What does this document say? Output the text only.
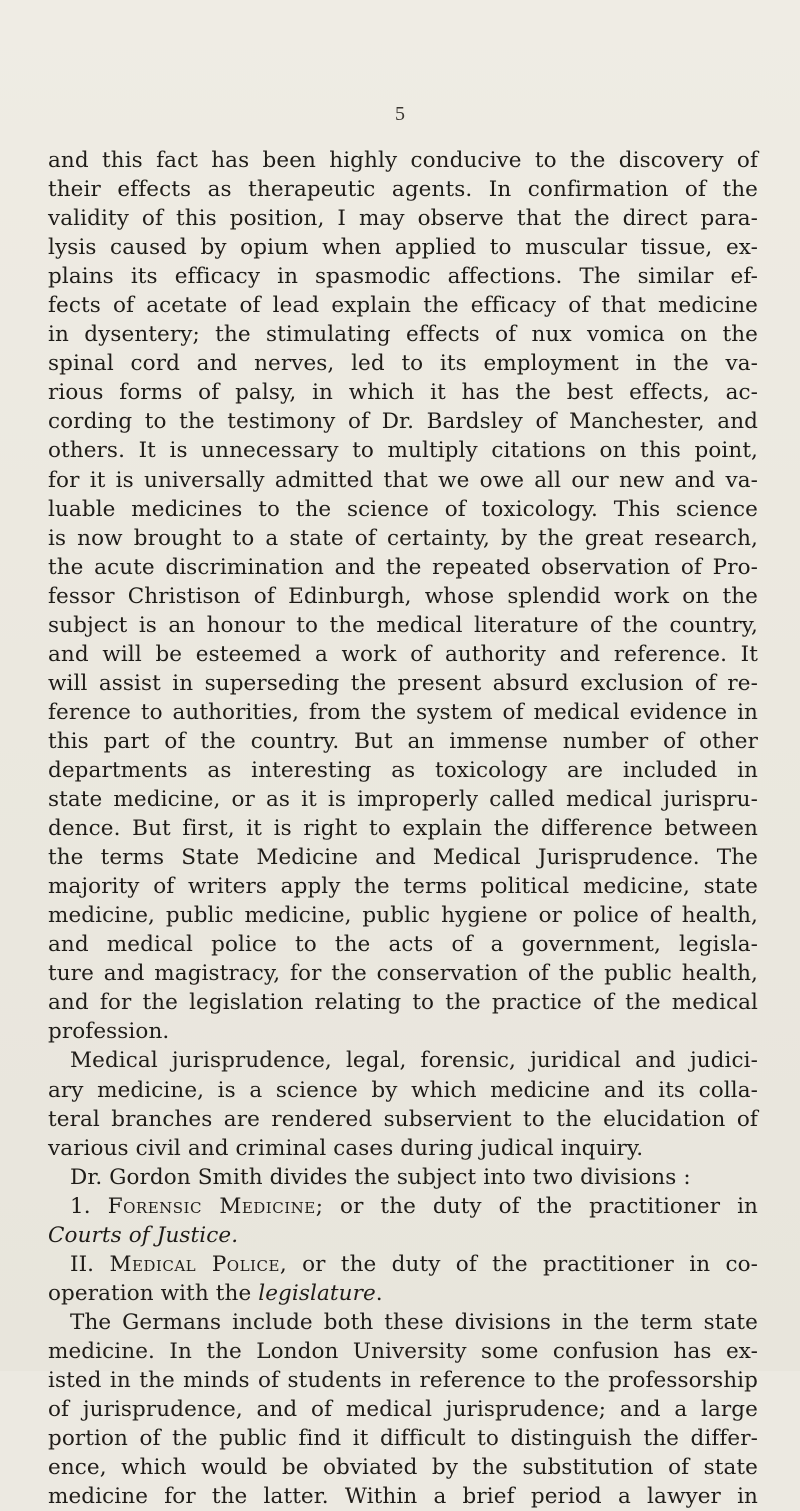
5
and this fact has been highly conducive to the discovery of
their effects as therapeutic agents. In confirmation of the
validity of this position, I may observe that the direct para-
lysis caused by opium when applied to muscular tissue, ex-
plains its efficacy in spasmodic affections. The similar ef-
fects of acetate of lead explain the efficacy of that medicine
in dysentery; the stimulating effects of nux vomica on the
spinal cord and nerves, led to its employment in the va-
rious forms of palsy, in which it has the best effects, ac-
cording to the testimony of Dr. Bardsley of Manchester, and
others. It is unnecessary to multiply citations on this point,
for it is universally admitted that we owe all our new and va-
luable medicines to the science of toxicology. This science
is now brought to a state of certainty, by the great research,
the acute discrimination and the repeated observation of Pro-
fessor Christison of Edinburgh, whose splendid work on the
subject is an honour to the medical literature of the country,
and will be esteemed a work of authority and reference. It
will assist in superseding the present absurd exclusion of re-
ference to authorities, from the system of medical evidence in
this part of the country. But an immense number of other
departments as interesting as toxicology are included in
state medicine, or as it is improperly called medical jurispru-
dence. But first, it is right to explain the difference between
the terms State Medicine and Medical Jurisprudence. The
majority of writers apply the terms political medicine, state
medicine, public medicine, public hygiene or police of health,
and medical police to the acts of a government, legisla-
ture and magistracy, for the conservation of the public health,
and for the legislation relating to the practice of the medical
profession.
Medical jurisprudence, legal, forensic, juridical and judici-
ary medicine, is a science by which medicine and its colla-
teral branches are rendered subservient to the elucidation of
various civil and criminal cases during judical inquiry.
Dr. Gordon Smith divides the subject into two divisions :
1. Forensic Medicine; or the duty of the practitioner in
Courts of Justice.
II. Medical Police, or the duty of the practitioner in co-
operation with the legislature.
The Germans include both these divisions in the term state
medicine. In the London University some confusion has ex-
isted in the minds of students in reference to the professorship
of jurisprudence, and of medical jurisprudence; and a large
portion of the public find it difficult to distinguish the differ-
ence, which would be obviated by the substitution of state
medicine for the latter. Within a brief period a lawyer in
